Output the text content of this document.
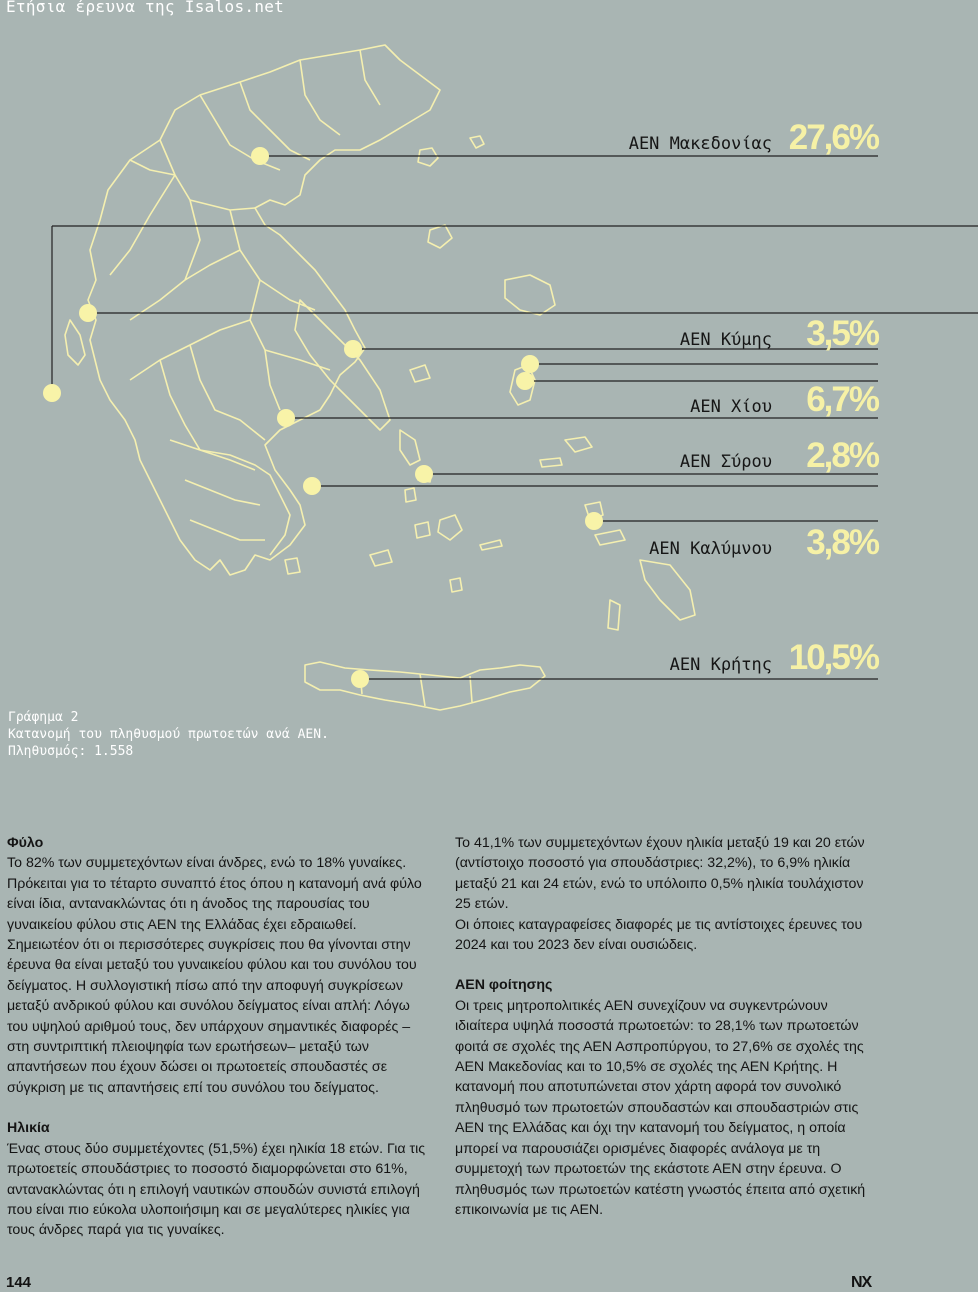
Ετήσια έρευνα της Isalos.net
ΑΕΝ Μακεδονίας 27,6%
ΑΕΝ Κύμης 3,5%
ΑΕΝ Χίου 6,7%
ΑΕΝ Σύρου 2,8%
ΑΕΝ Καλύμνου 3,8%
ΑΕΝ Κρήτης 10,5%
Γράφημα 2
Κατανομή του πληθυσμού πρωτοετών ανά ΑΕΝ.
Πληθυσμός: 1.558
Φύλο

Το 82% των συμμετεχόντων είναι άνδρες, ενώ το 18% γυναίκες. Πρόκειται για το τέταρτο συναπτό έτος όπου η κατανομή ανά φύλο είναι ίδια, αντανακλώντας ότι η άνοδος της παρουσίας του γυναικείου φύλου στις ΑΕΝ της Ελλάδας έχει εδραιωθεί. Σημειωτέον ότι οι περισσότερες συγκρίσεις που θα γίνονται στην έρευνα θα είναι μεταξύ του γυναικείου φύλου και του συνόλου του δείγματος. Η συλλογιστική πίσω από την αποφυγή συγκρίσεων μεταξύ ανδρικού φύλου και συνόλου δείγματος είναι απλή: Λόγω του υψηλού αριθμού τους, δεν υπάρχουν σημαντικές διαφορές –στη συντριπτική πλειοψηφία των ερωτήσεων– μεταξύ των απαντήσεων που έχουν δώσει οι πρωτοετείς σπουδαστές σε σύγκριση με τις απαντήσεις επί του συνόλου του δείγματος.

Ηλικία

Ένας στους δύο συμμετέχοντες (51,5%) έχει ηλικία 18 ετών. Για τις πρωτοετείς σπουδάστριες το ποσοστό διαμορφώνεται στο 61%, αντανακλώντας ότι η επιλογή ναυτικών σπουδών συνιστά επιλογή που είναι πιο εύκολα υλοποιήσιμη και σε μεγαλύτερες ηλικίες για τους άνδρες παρά για τις γυναίκες.

Το 41,1% των συμμετεχόντων έχουν ηλικία μεταξύ 19 και 20 ετών (αντίστοιχο ποσοστό για σπουδάστριες: 32,2%), το 6,9% ηλικία μεταξύ 21 και 24 ετών, ενώ το υπόλοιπο 0,5% ηλικία τουλάχιστον 25 ετών.

Οι όποιες καταγραφείσες διαφορές με τις αντίστοιχες έρευνες του 2024 και του 2023 δεν είναι ουσιώδεις.

ΑΕΝ φοίτησης

Οι τρεις μητροπολιτικές ΑΕΝ συνεχίζουν να συγκεντρώνουν ιδιαίτερα υψηλά ποσοστά πρωτοετών: το 28,1% των πρωτοετών φοιτά σε σχολές της ΑΕΝ Ασπροπύργου, το 27,6% σε σχολές της ΑΕΝ Μακεδονίας και το 10,5% σε σχολές της ΑΕΝ Κρήτης. Η κατανομή που αποτυπώνεται στον χάρτη αφορά τον συνολικό πληθυσμό των πρωτοετών σπουδαστών και σπουδαστριών στις ΑΕΝ της Ελλάδας και όχι την κατανομή του δείγματος, η οποία μπορεί να παρουσιάζει ορισμένες διαφορές ανάλογα με τη συμμετοχή των πρωτοετών της εκάστοτε ΑΕΝ στην έρευνα. Ο πληθυσμός των πρωτοετών κατέστη γνωστός έπειτα από σχετική επικοινωνία με τις ΑΕΝ.

144	NX
